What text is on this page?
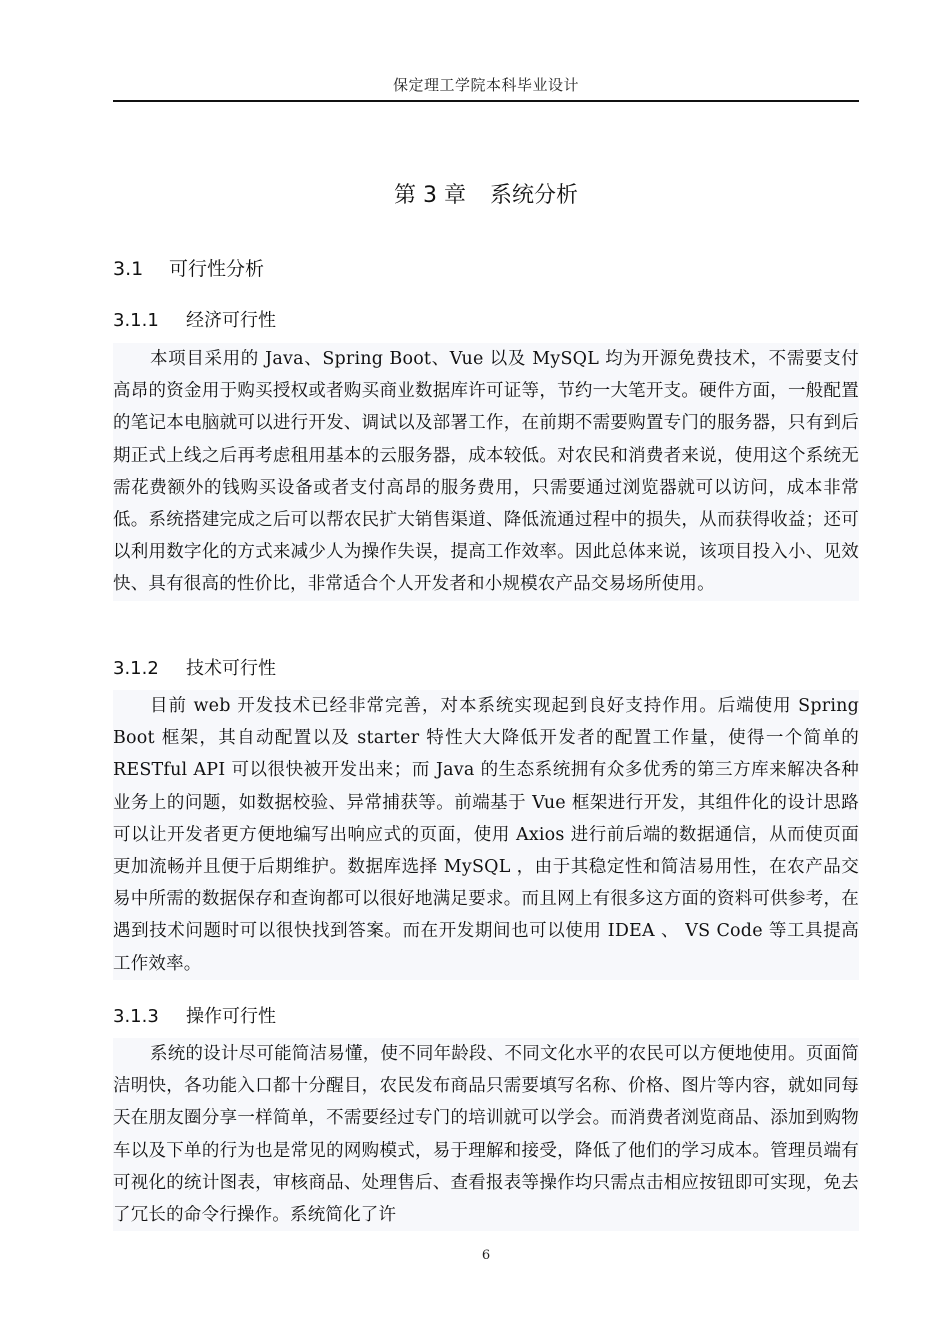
保定理工学院本科毕业设计
第 3 章 系统分析
3.1 可行性分析
3.1.1 经济可行性
本项目采用的 Java、Spring Boot、Vue 以及 MySQL 均为开源免费技术，不需要支付高昂的资金用于购买授权或者购买商业数据库许可证等，节约一大笔开支。硬件方面，一般配置的笔记本电脑就可以进行开发、调试以及部署工作，在前期不需要购置专门的服务器，只有到后期正式上线之后再考虑租用基本的云服务器，成本较低。对农民和消费者来说，使用这个系统无需花费额外的钱购买设备或者支付高昂的服务费用，只需要通过浏览器就可以访问，成本非常低。系统搭建完成之后可以帮农民扩大销售渠道、降低流通过程中的损失，从而获得收益；还可以利用数字化的方式来减少人为操作失误，提高工作效率。因此总体来说，该项目投入小、见效快、具有很高的性价比，非常适合个人开发者和小规模农产品交易场所使用。
3.1.2 技术可行性
目前 web 开发技术已经非常完善，对本系统实现起到良好支持作用。后端使用 Spring Boot 框架，其自动配置以及 starter 特性大大降低开发者的配置工作量，使得一个简单的 RESTful API 可以很快被开发出来；而 Java 的生态系统拥有众多优秀的第三方库来解决各种业务上的问题，如数据校验、异常捕获等。前端基于 Vue 框架进行开发，其组件化的设计思路可以让开发者更方便地编写出响应式的页面，使用 Axios 进行前后端的数据通信，从而使页面更加流畅并且便于后期维护。数据库选择 MySQL ，由于其稳定性和简洁易用性，在农产品交易中所需的数据保存和查询都可以很好地满足要求。而且网上有很多这方面的资料可供参考，在遇到技术问题时可以很快找到答案。而在开发期间也可以使用 IDEA 、 VS Code 等工具提高工作效率。
3.1.3 操作可行性
系统的设计尽可能简洁易懂，使不同年龄段、不同文化水平的农民可以方便地使用。页面简洁明快，各功能入口都十分醒目，农民发布商品只需要填写名称、价格、图片等内容，就如同每天在朋友圈分享一样简单，不需要经过专门的培训就可以学会。而消费者浏览商品、添加到购物车以及下单的行为也是常见的网购模式，易于理解和接受，降低了他们的学习成本。管理员端有可视化的统计图表，审核商品、处理售后、查看报表等操作均只需点击相应按钮即可实现，免去了冗长的命令行操作。系统简化了许
6
